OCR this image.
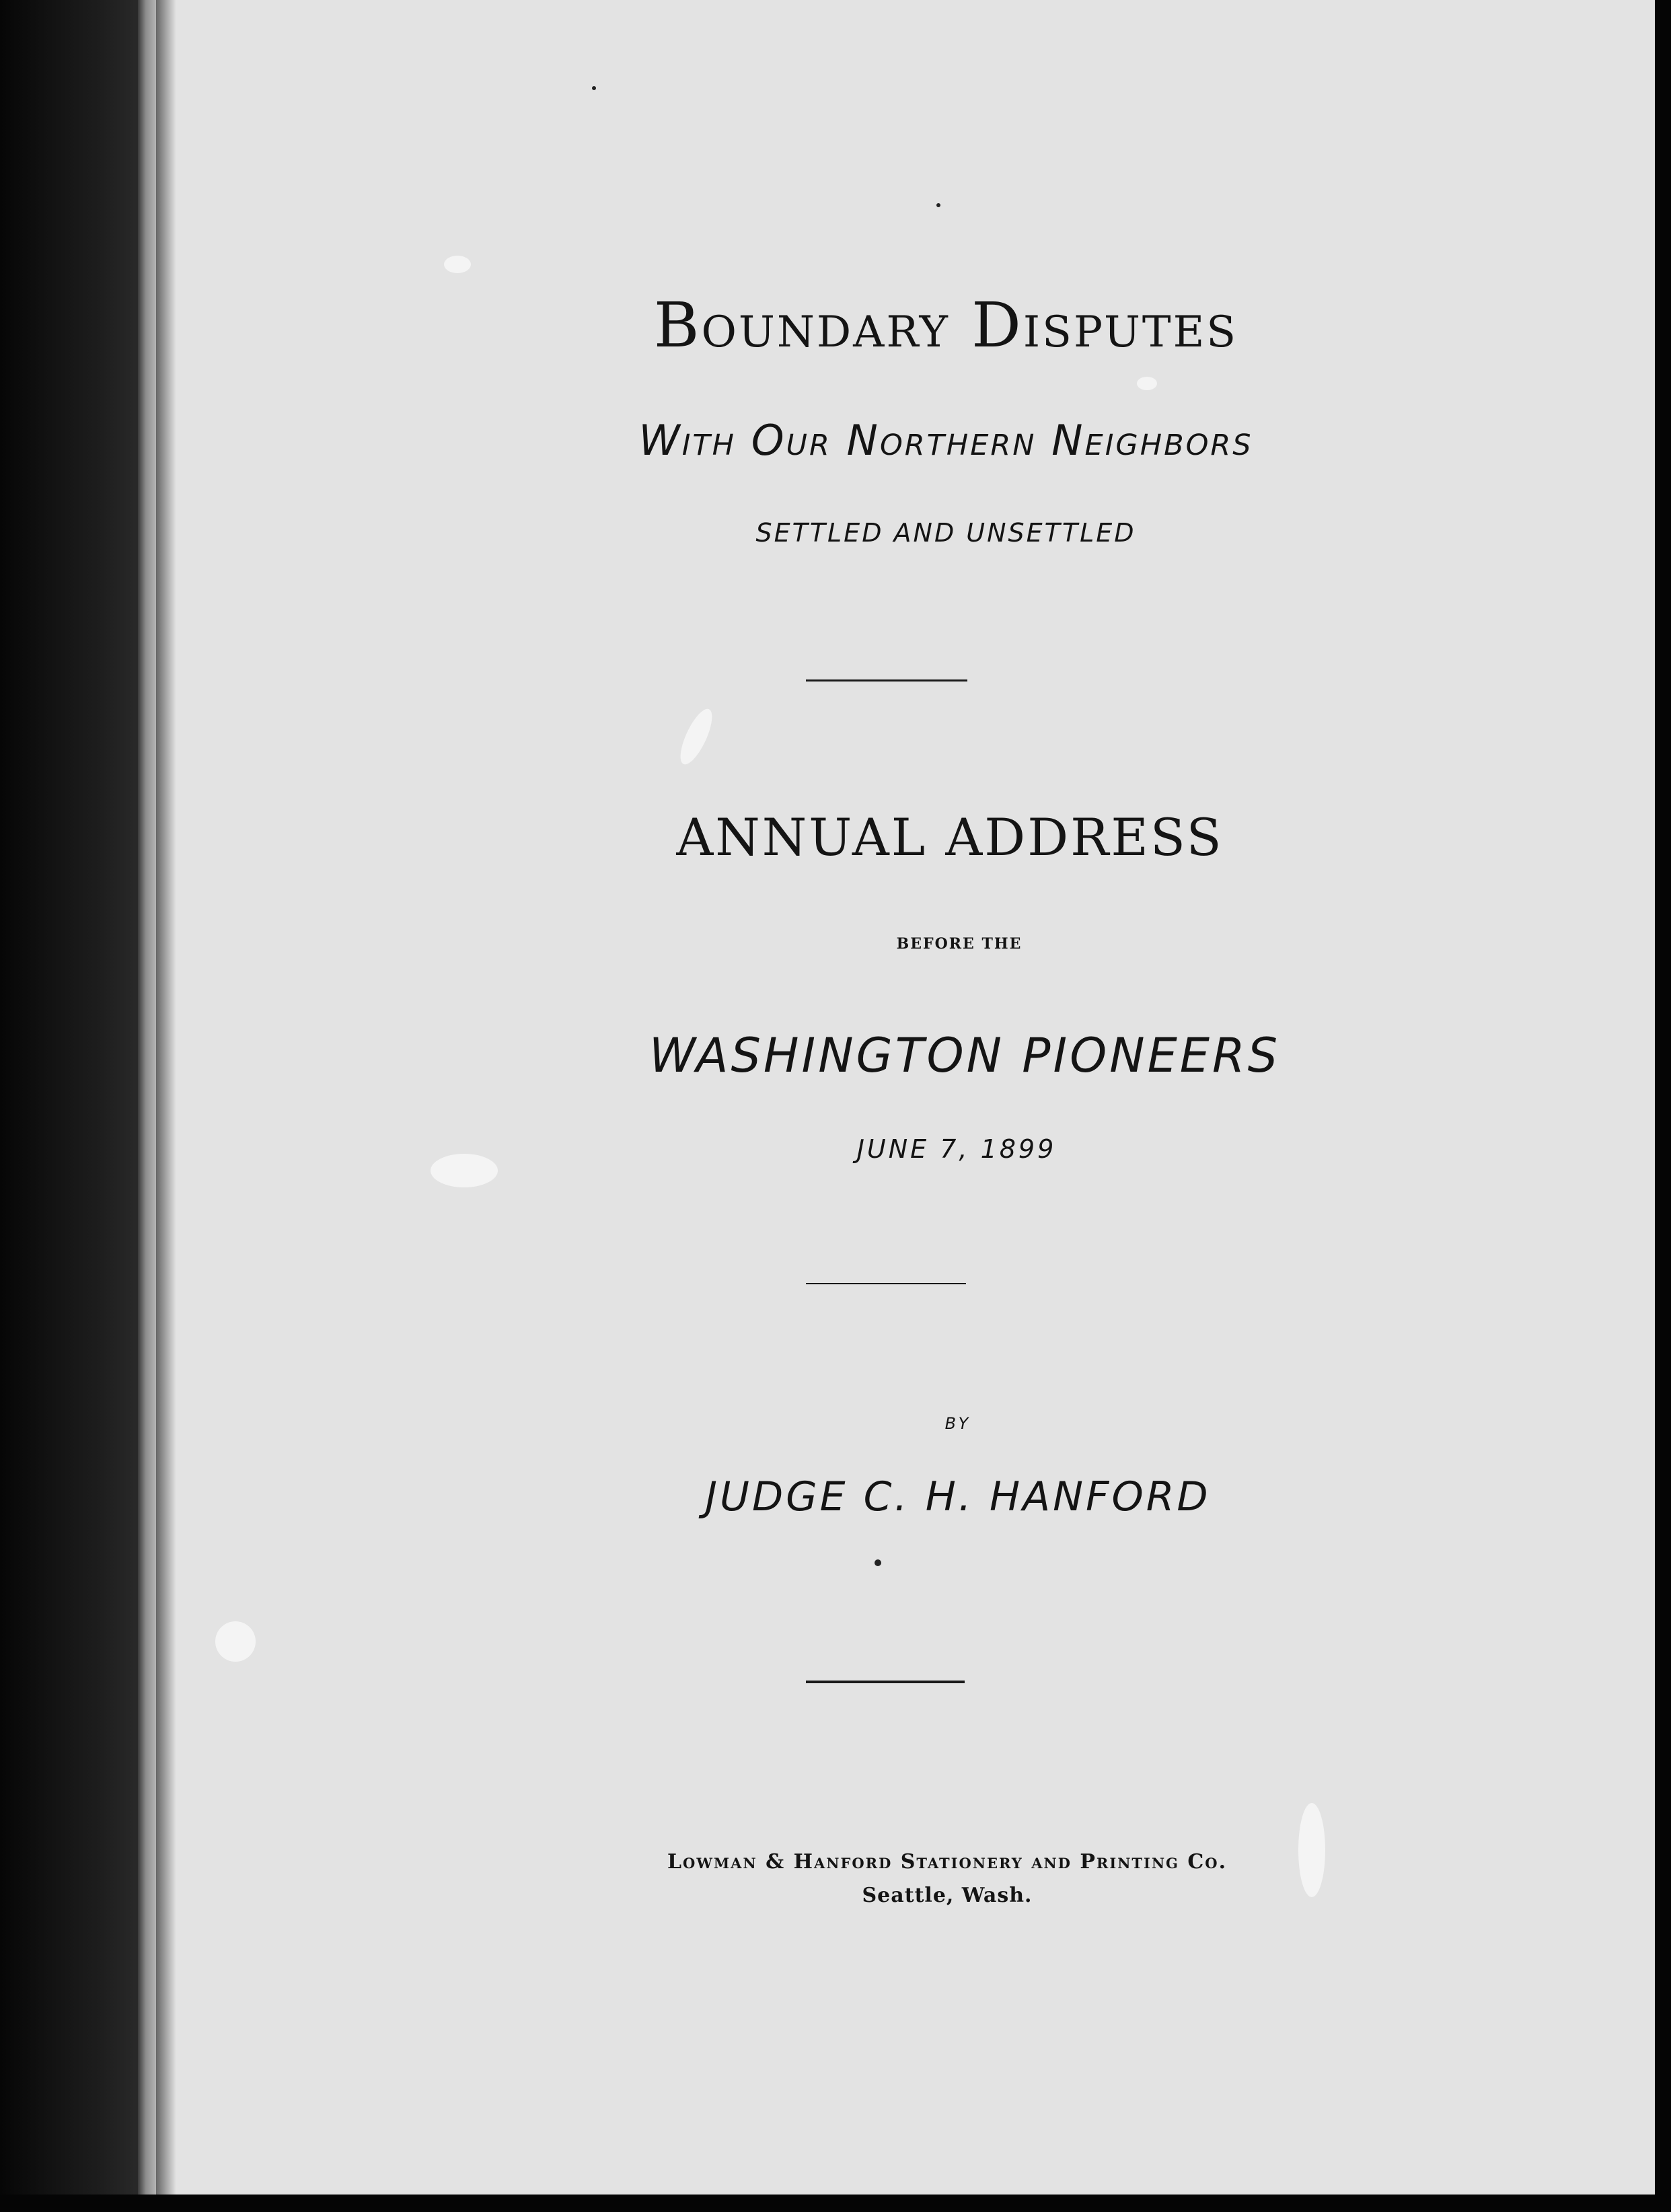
Boundary Disputes
With Our Northern Neighbors
SETTLED AND UNSETTLED
ANNUAL ADDRESS
BEFORE THE
WASHINGTON PIONEERS
JUNE 7, 1899
BY
JUDGE C. H. HANFORD
Lowman & Hanford Stationery and Printing Co.
Seattle, Wash.
